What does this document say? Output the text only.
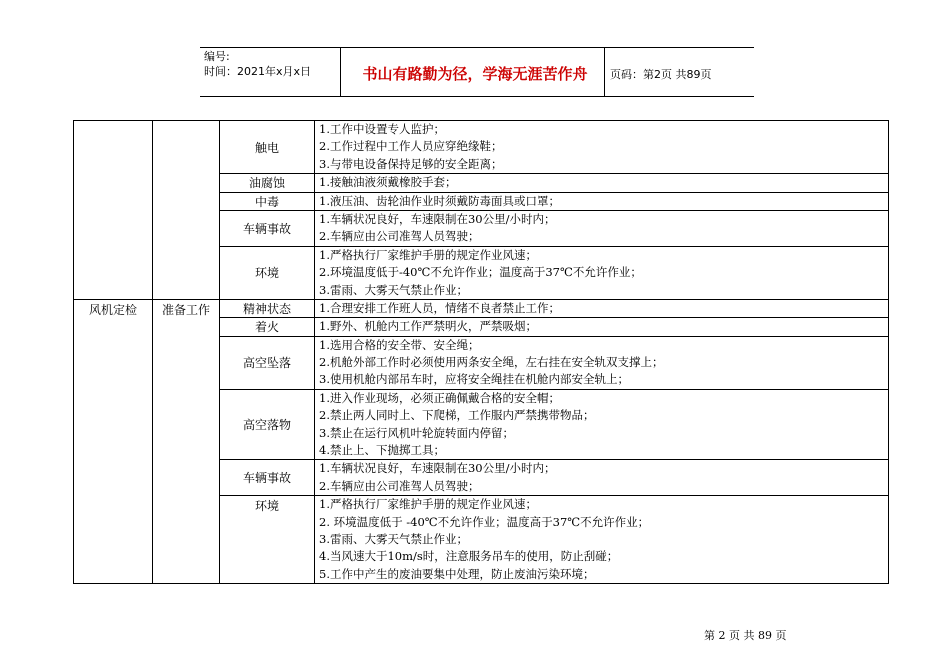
编号:
时间：2021年x月x日	书山有路勤为径，学海无涯苦作舟	页码：第2页 共89页
		触电	1.工作中设置专人监护；
2.工作过程中工作人员应穿绝缘鞋；
3.与带电设备保持足够的安全距离；

		油腐蚀	1.接触油液须戴橡胶手套；

		中毒	1.液压油、齿轮油作业时须戴防毒面具或口罩；

		车辆事故	1.车辆状况良好，车速限制在30公里/小时内；
2.车辆应由公司准驾人员驾驶；

		环境	1.严格执行厂家维护手册的规定作业风速；
2.环境温度低于-40℃不允许作业；温度高于37℃不允许作业；
3.雷雨、大雾天气禁止作业；

风机定检	准备工作	精神状态	1.合理安排工作班人员，情绪不良者禁止工作；

		着火	1.野外、机舱内工作严禁明火，严禁吸烟；

		高空坠落	1.选用合格的安全带、安全绳；
2.机舱外部工作时必须使用两条安全绳，左右挂在安全轨双支撑上；
3.使用机舱内部吊车时，应将安全绳挂在机舱内部安全轨上；

		高空落物	1.进入作业现场，必须正确佩戴合格的安全帽；
2.禁止两人同时上、下爬梯，工作服内严禁携带物品；
3.禁止在运行风机叶轮旋转面内停留；
4.禁止上、下抛掷工具；

		车辆事故	1.车辆状况良好，车速限制在30公里/小时内；
2.车辆应由公司准驾人员驾驶；

		环境	1.严格执行厂家维护手册的规定作业风速；
2. 环境温度低于 -40℃不允许作业；温度高于37℃不允许作业；
3.雷雨、大雾天气禁止作业；
4.当风速大于10m/s时，注意服务吊车的使用，防止刮碰；
5.工作中产生的废油要集中处理，防止废油污染环境；
第 2 页 共 89 页
